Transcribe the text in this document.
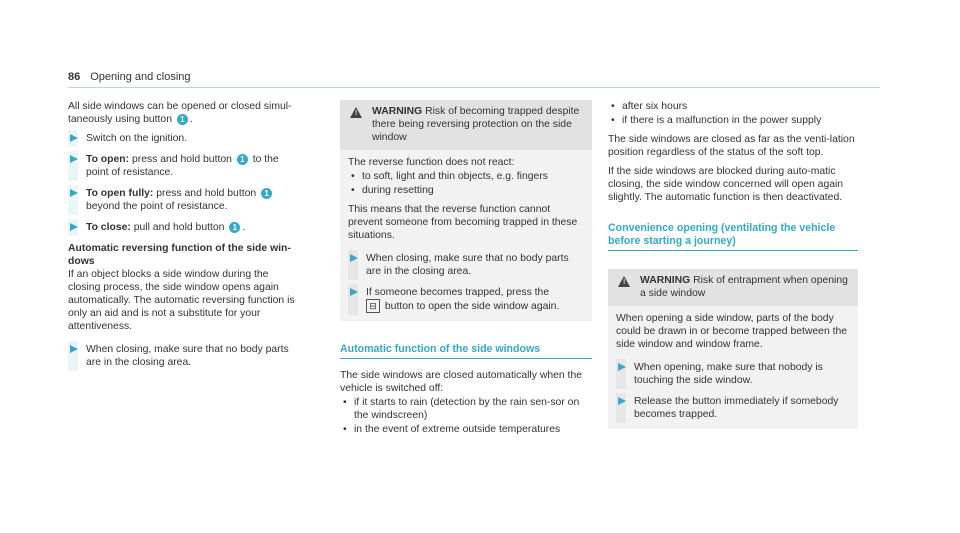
86 Opening and closing

All side windows can be opened or closed simul-taneously using button 1 .

Switch on the ignition.
To open: press and hold button 1 to the point of resistance.
To open fully: press and hold button 1 beyond the point of resistance.
To close: pull and hold button 1 .

Automatic reversing function of the side win-dows

If an object blocks a side window during the closing process, the side window opens again automatically. The automatic reversing function is only an aid and is not a substitute for your attentiveness.

When closing, make sure that no body parts are in the closing area.
!	WARNING Risk of becoming trapped despite there being reversing protection on the side window

The reverse function does not react:

• to soft, light and thin objects, e.g. fingers
• during resetting

This means that the reverse function cannot prevent someone from becoming trapped in these situations.

When closing, make sure that no body parts are in the closing area.
If someone becomes trapped, press the
⊟ button to open the side window again.
Automatic function of the side windows

The side windows are closed automatically when the vehicle is switched off:

• if it starts to rain (detection by the rain sen-sor on the windscreen)
• in the event of extreme outside temperatures
• after six hours
• if there is a malfunction in the power supply

The side windows are closed as far as the venti-lation position regardless of the status of the soft top.

If the side windows are blocked during auto-matic closing, the side window concerned will open again slightly. The automatic function is then deactivated.

Convenience opening (ventilating the vehicle before starting a journey)
!	WARNING Risk of entrapment when opening a side window

When opening a side window, parts of the body could be drawn in or become trapped between the side window and window frame.

When opening, make sure that nobody is touching the side window.
Release the button immediately if somebody becomes trapped.
